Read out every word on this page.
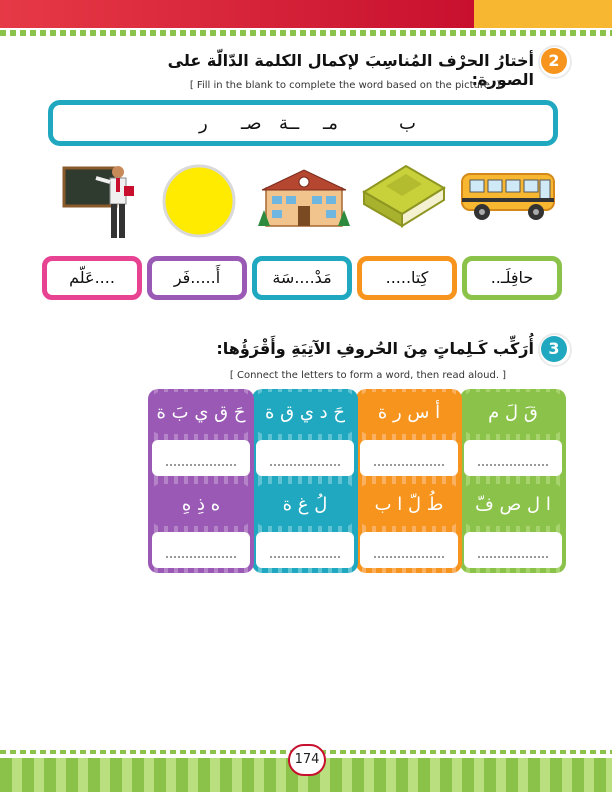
2
أختارُ الحرْف المُناسِبَ لإكمال الكلمة الدّالّة على الصورة:
[ Fill in the blank to complete the word based on the picture. ]
ب
مـ
ــة
صـ
ر
حافِلَـ..
كِتا.....
مَدْ....سَة
أَ.....فَر
....عَلّم
3
أُرَكِّب كَـلِماتٍ مِنَ الحُروفِ الآتِيَةِ وأَقْرَؤُها:
[ Connect the letters to form a word, then read aloud. ]
قَ لَ م
أ س ر ة
حَ د ي ق ة
حَ ق ي بَ ة
ا ل ص فّ
طُ لّ ا ب
لُ غ ة
ه ذِ هِ
174
